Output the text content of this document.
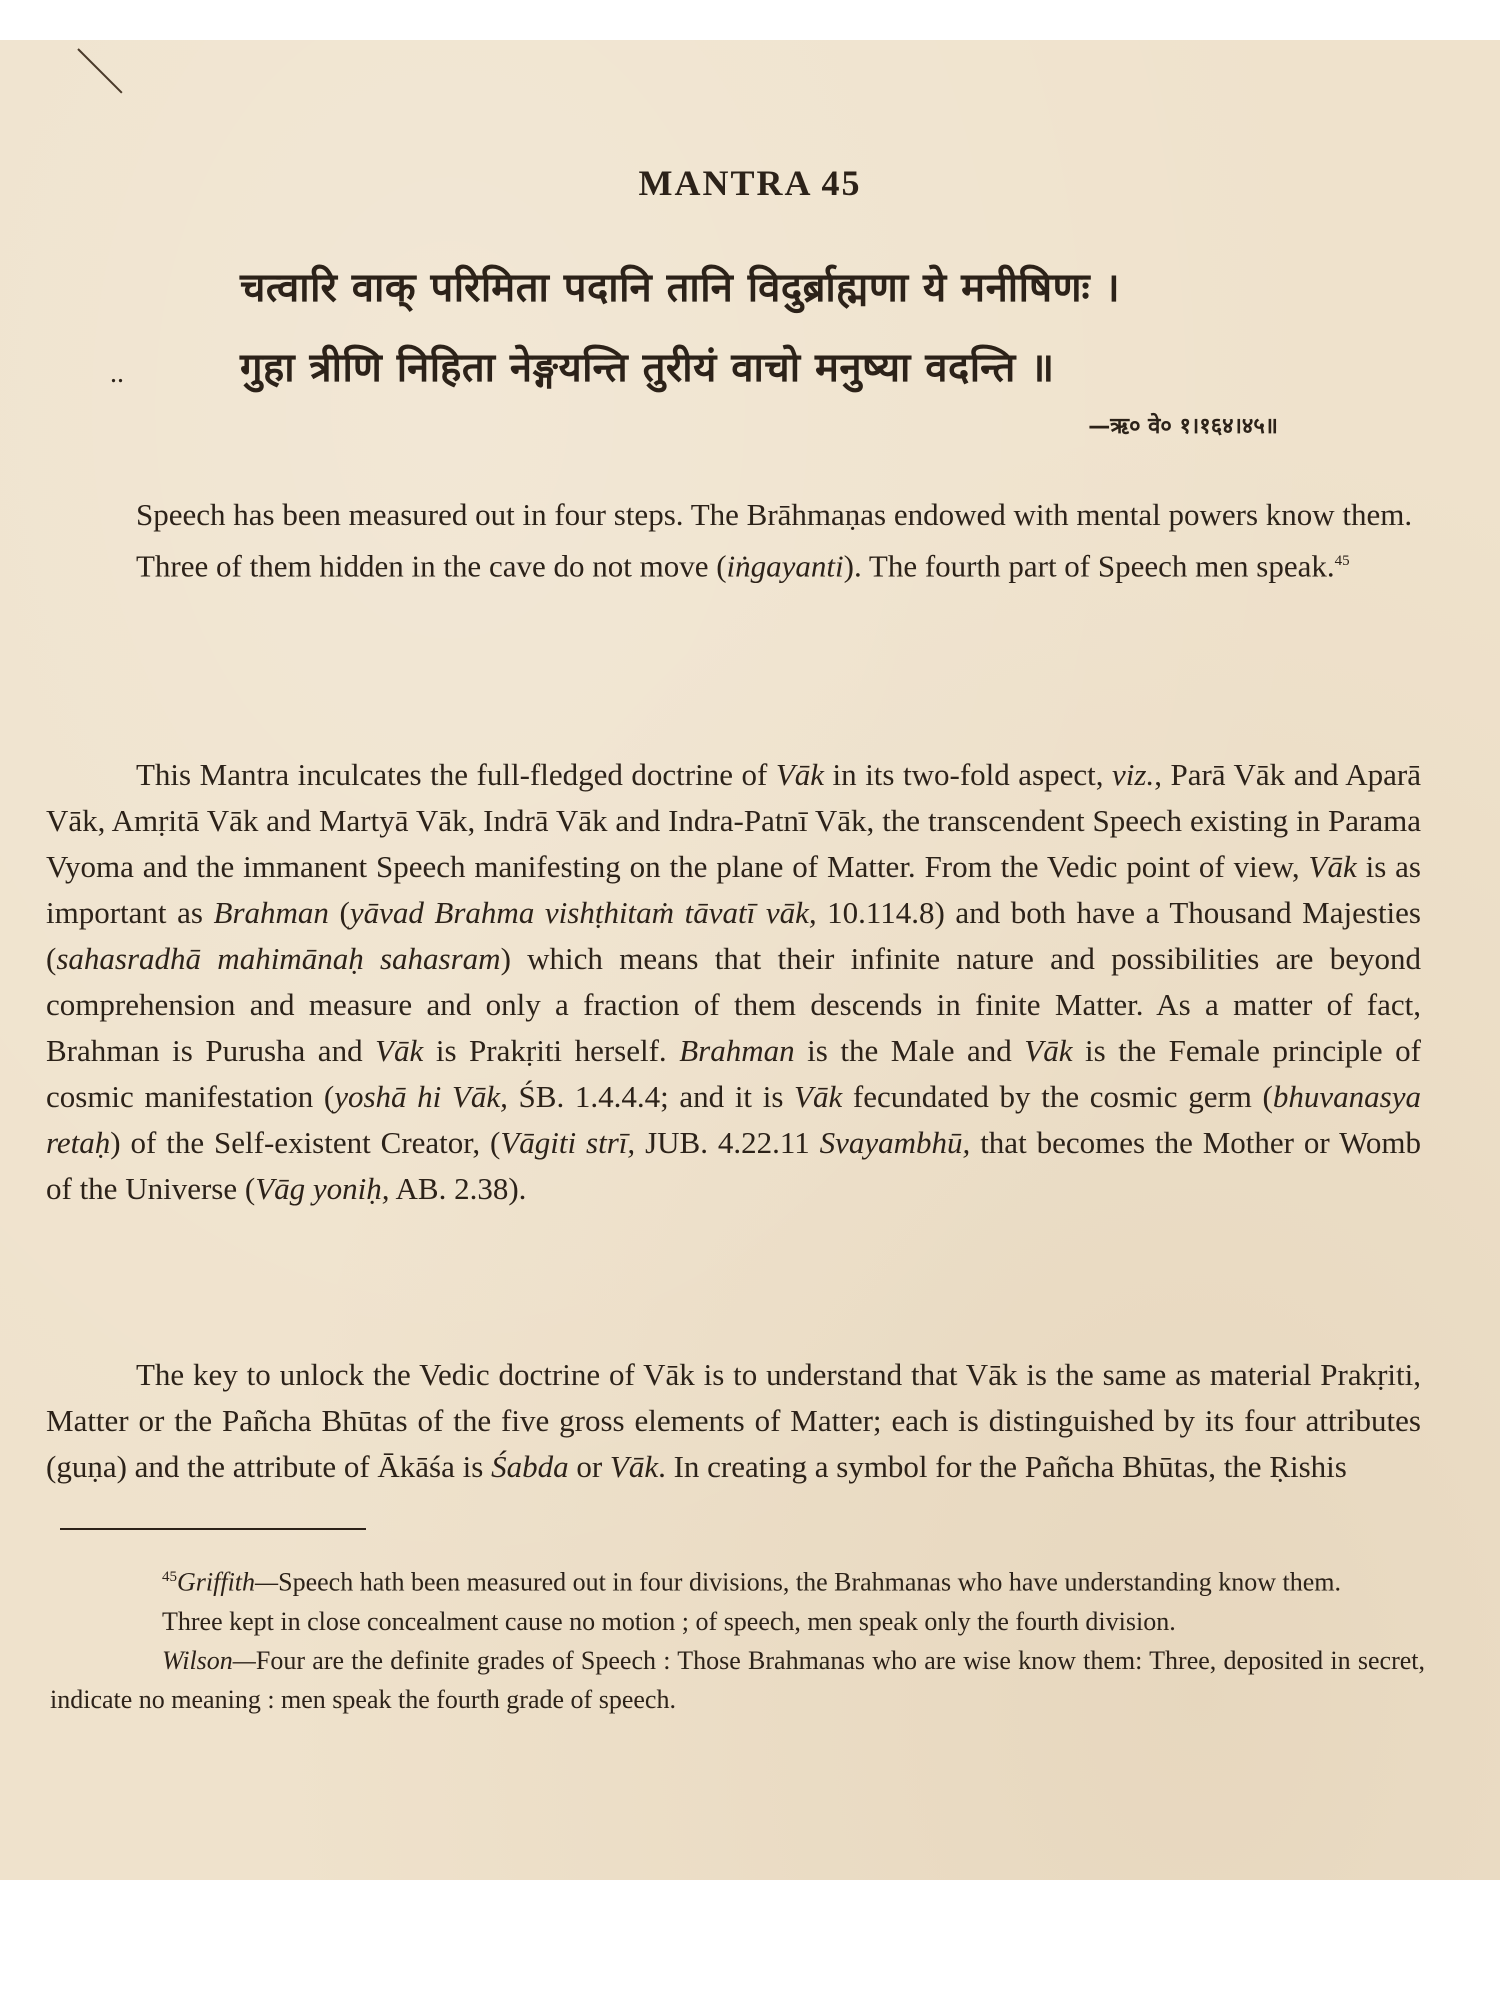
MANTRA 45
चत्वारि वाक् परिमिता पदानि तानि विदुर्ब्राह्मणा ये मनीषिणः ।
..	गुहा त्रीणि निहिता नेङ्गयन्ति तुरीयं वाचो मनुष्या वदन्ति ॥
—ऋ० वे० १।१६४।४५॥

Speech has been measured out in four steps. The Brāhmaṇas endowed with mental powers know them.

Three of them hidden in the cave do not move (iṅgayanti). The fourth part of Speech men speak.$^{45}$

This Mantra inculcates the full-fledged doctrine of Vāk in its two-fold aspect, viz., Parā Vāk and Aparā Vāk, Amṛitā Vāk and Martyā Vāk, Indrā Vāk and Indra-Patnī Vāk, the transcendent Speech existing in Parama Vyoma and the immanent Speech manifesting on the plane of Matter. From the Vedic point of view, Vāk is as important as Brahman (yāvad Brahma vishṭhitaṁ tāvatī vāk, 10.114.8) and both have a Thousand Majesties (sahasradhā mahimānaḥ sahasram) which means that their infinite nature and possibilities are beyond comprehension and measure and only a fraction of them descends in finite Matter. As a matter of fact, Brahman is Purusha and Vāk is Prakṛiti herself. Brahman is the Male and Vāk is the Female principle of cosmic manifestation (yoshā hi Vāk, ŚB. 1.4.4.4; and it is Vāk fecundated by the cosmic germ (bhuvanasya retaḥ) of the Self-existent Creator, (Vāgiti strī, JUB. 4.22.11 Svayambhū, that becomes the Mother or Womb of the Universe (Vāg yoniḥ, AB. 2.38).

The key to unlock the Vedic doctrine of Vāk is to understand that Vāk is the same as material Prakṛiti, Matter or the Pañcha Bhūtas of the five gross elements of Matter; each is distinguished by its four attributes (guṇa) and the attribute of Ākāśa is Śabda or Vāk. In creating a symbol for the Pañcha Bhūtas, the Ṛishis

$^{45}$Griffith—Speech hath been measured out in four divisions, the Brahmanas who have understanding know them.

Three kept in close concealment cause no motion ; of speech, men speak only the fourth division.

Wilson—Four are the definite grades of Speech : Those Brahmanas who are wise know them: Three, deposited in secret, indicate no meaning : men speak the fourth grade of speech.
